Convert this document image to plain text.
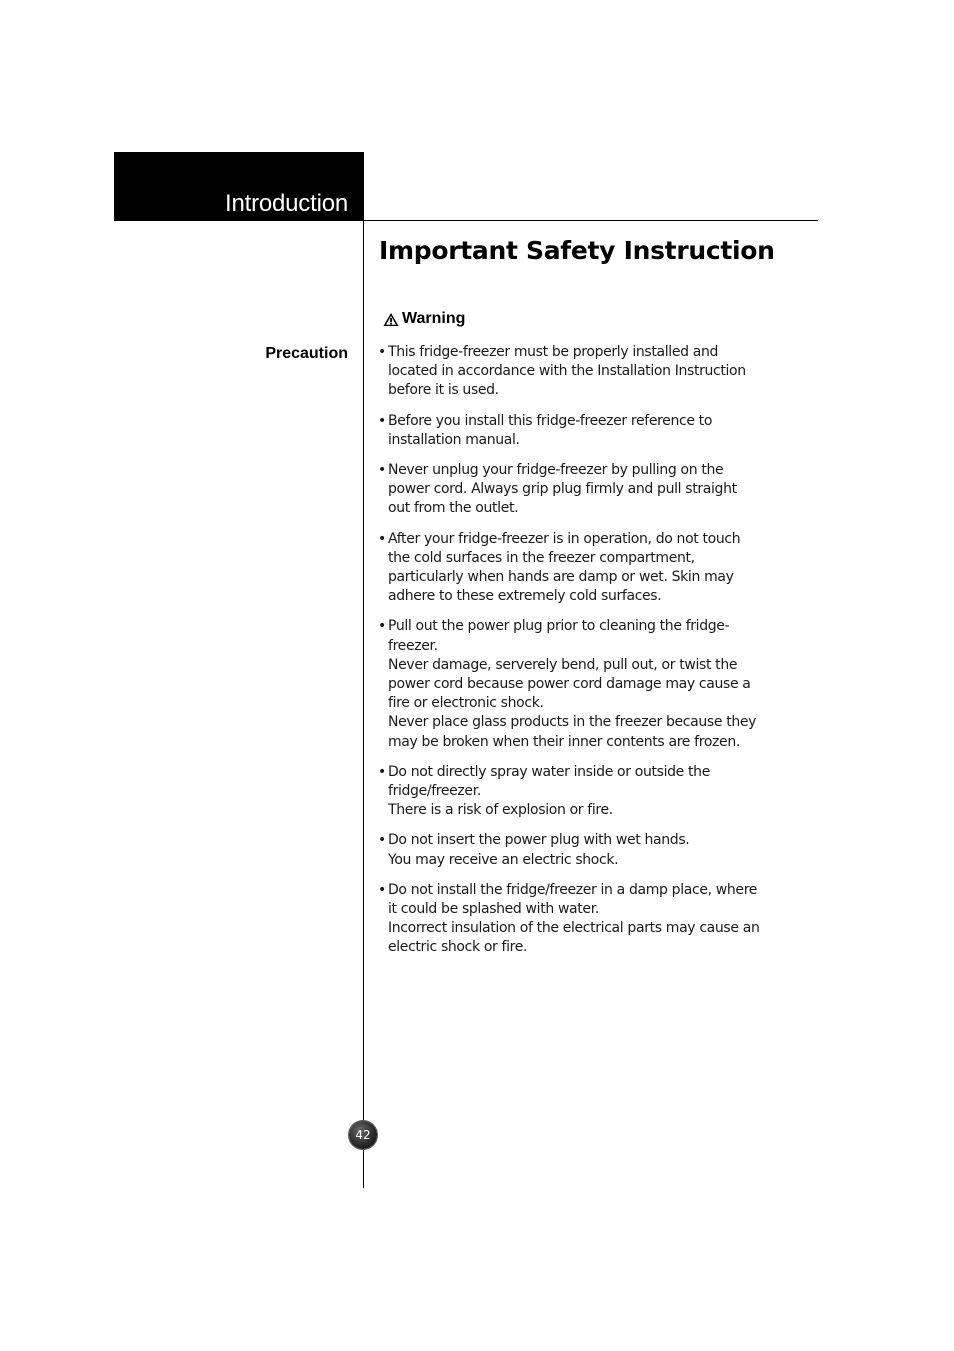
Introduction
Important Safety Instruction
Warning
Precaution • This fridge-freezer must be properly installed and
located in accordance with the Installation Instruction
before it is used.
• Before you install this fridge-freezer reference to
installation manual.
• Never unplug your fridge-freezer by pulling on the
power cord. Always grip plug firmly and pull straight
out from the outlet.
• After your fridge-freezer is in operation, do not touch
the cold surfaces in the freezer compartment,
particularly when hands are damp or wet. Skin may
adhere to these extremely cold surfaces.
• Pull out the power plug prior to cleaning the fridge-
freezer.
Never damage, serverely bend, pull out, or twist the
power cord because power cord damage may cause a
fire or electronic shock.
Never place glass products in the freezer because they
may be broken when their inner contents are frozen.
• Do not directly spray water inside or outside the
fridge/freezer.
There is a risk of explosion or fire.
• Do not insert the power plug with wet hands.
You may receive an electric shock.
• Do not install the fridge/freezer in a damp place, where
it could be splashed with water.
Incorrect insulation of the electrical parts may cause an
electric shock or fire.
42
